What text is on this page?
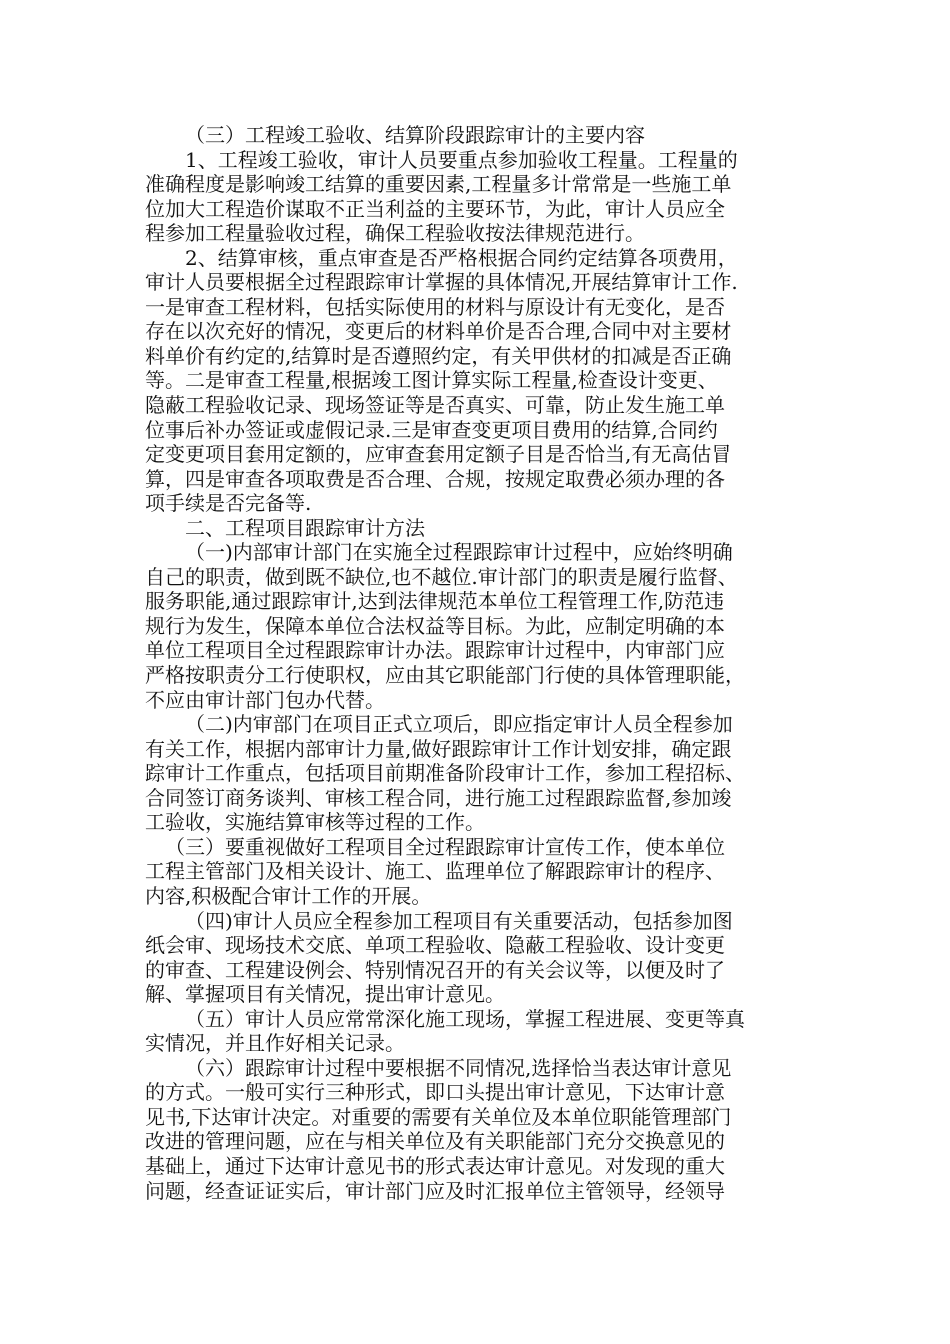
（三）工程竣工验收、结算阶段跟踪审计的主要内容
1、工程竣工验收，审计人员要重点参加验收工程量。工程量的
准确程度是影响竣工结算的重要因素,工程量多计常常是一些施工单
位加大工程造价谋取不正当利益的主要环节，为此，审计人员应全
程参加工程量验收过程，确保工程验收按法律规范进行。
2、结算审核，重点审查是否严格根据合同约定结算各项费用，
审计人员要根据全过程跟踪审计掌握的具体情况,开展结算审计工作.
一是审查工程材料，包括实际使用的材料与原设计有无变化，是否
存在以次充好的情况，变更后的材料单价是否合理,合同中对主要材
料单价有约定的,结算时是否遵照约定，有关甲供材的扣减是否正确
等。二是审查工程量,根据竣工图计算实际工程量,检查设计变更、
隐蔽工程验收记录、现场签证等是否真实、可靠，防止发生施工单
位事后补办签证或虚假记录.三是审查变更项目费用的结算,合同约
定变更项目套用定额的，应审查套用定额子目是否恰当,有无高估冒
算，四是审查各项取费是否合理、合规，按规定取费必须办理的各
项手续是否完备等.
二、工程项目跟踪审计方法
（一)内部审计部门在实施全过程跟踪审计过程中，应始终明确
自己的职责，做到既不缺位,也不越位.审计部门的职责是履行监督、
服务职能,通过跟踪审计,达到法律规范本单位工程管理工作,防范违
规行为发生，保障本单位合法权益等目标。为此，应制定明确的本
单位工程项目全过程跟踪审计办法。跟踪审计过程中，内审部门应
严格按职责分工行使职权，应由其它职能部门行使的具体管理职能，
不应由审计部门包办代替。
（二)内审部门在项目正式立项后，即应指定审计人员全程参加
有关工作，根据内部审计力量,做好跟踪审计工作计划安排，确定跟
踪审计工作重点，包括项目前期准备阶段审计工作，参加工程招标、
合同签订商务谈判、审核工程合同，进行施工过程跟踪监督,参加竣
工验收，实施结算审核等过程的工作。
（三）要重视做好工程项目全过程跟踪审计宣传工作，使本单位
工程主管部门及相关设计、施工、监理单位了解跟踪审计的程序、
内容,积极配合审计工作的开展。
（四)审计人员应全程参加工程项目有关重要活动，包括参加图
纸会审、现场技术交底、单项工程验收、隐蔽工程验收、设计变更
的审查、工程建设例会、特别情况召开的有关会议等，以便及时了
解、掌握项目有关情况，提出审计意见。
（五）审计人员应常常深化施工现场，掌握工程进展、变更等真
实情况，并且作好相关记录。
（六）跟踪审计过程中要根据不同情况,选择恰当表达审计意见
的方式。一般可实行三种形式，即口头提出审计意见，下达审计意
见书,下达审计决定。对重要的需要有关单位及本单位职能管理部门
改进的管理问题，应在与相关单位及有关职能部门充分交换意见的
基础上，通过下达审计意见书的形式表达审计意见。对发现的重大
问题，经查证证实后，审计部门应及时汇报单位主管领导，经领导
